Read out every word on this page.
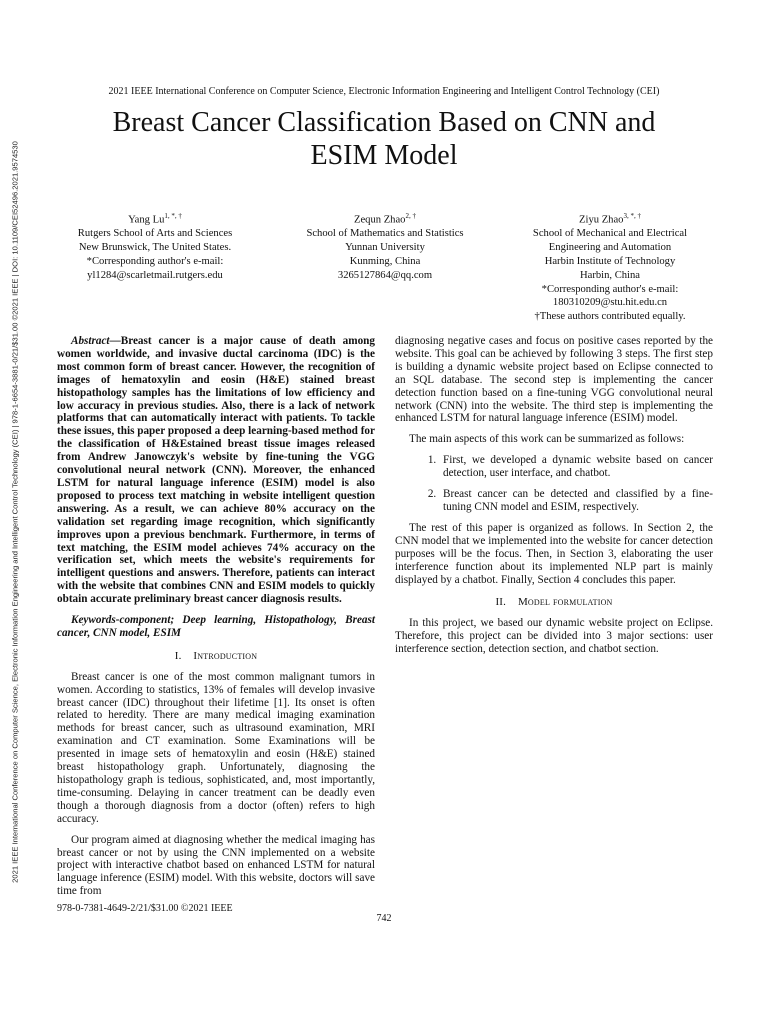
2021 IEEE International Conference on Computer Science, Electronic Information Engineering and Intelligent Control Technology (CEI) | 978-1-6654-3881-0/21/$31.00 ©2021 IEEE | DOI: 10.1109/CEI52496.2021.9574530
2021 IEEE International Conference on Computer Science, Electronic Information Engineering and Intelligent Control Technology (CEI)
Breast Cancer Classification Based on CNN and
ESIM Model
Yang $Lu^{1, *, \dagger}$
Rutgers School of Arts and Sciences
New Brunswick, The United States.
*Corresponding author's e-mail:
yl1284@scarletmail.rutgers.edu
Zequn Zhao$^{2, \dagger}$
School of Mathematics and Statistics
Yunnan University
Kunming, China
3265127864@qq.com
Ziyu Zhao$^{3, *, \dagger}$
School of Mechanical and Electrical
Engineering and Automation
Harbin Institute of Technology
Harbin, China
*Corresponding author's e-mail:
180310209@stu.hit.edu.cn
†These authors contributed equally.

Abstract—Breast cancer is a major cause of death among women worldwide, and invasive ductal carcinoma (IDC) is the most common form of breast cancer. However, the recognition of images of hematoxylin and eosin (H&E) stained breast histopathology samples has the limitations of low efficiency and low accuracy in previous studies. Also, there is a lack of network platforms that can automatically interact with patients. To tackle these issues, this paper proposed a deep learning-based method for the classification of H&Estained breast tissue images released from Andrew Janowczyk's website by fine-tuning the VGG convolutional neural network (CNN). Moreover, the enhanced LSTM for natural language inference (ESIM) model is also proposed to process text matching in website intelligent question answering. As a result, we can achieve 80% accuracy on the validation set regarding image recognition, which significantly improves upon a previous benchmark. Furthermore, in terms of text matching, the ESIM model achieves 74% accuracy on the verification set, which meets the website's requirements for intelligent questions and answers. Therefore, patients can interact with the website that combines CNN and ESIM models to quickly obtain accurate preliminary breast cancer diagnosis results.

Keywords-component; Deep learning, Histopathology, Breast cancer, CNN model, ESIM

I. Introduction

Breast cancer is one of the most common malignant tumors in women. According to statistics, 13% of females will develop invasive breast cancer (IDC) throughout their lifetime [1]. Its onset is often related to heredity. There are many medical imaging examination methods for breast cancer, such as ultrasound examination, MRI examination and CT examination. Some Examinations will be presented in image sets of hematoxylin and eosin (H&E) stained breast histopathology graph. Unfortunately, diagnosing the histopathology graph is tedious, sophisticated, and, most importantly, time-consuming. Delaying in cancer treatment can be deadly even though a thorough diagnosis from a doctor (often) refers to high accuracy.

Our program aimed at diagnosing whether the medical imaging has breast cancer or not by using the CNN implemented on a website project with interactive chatbot based on enhanced LSTM for natural language inference (ESIM) model. With this website, doctors will save time from

diagnosing negative cases and focus on positive cases reported by the website. This goal can be achieved by following 3 steps. The first step is building a dynamic website project based on Eclipse connected to an SQL database. The second step is implementing the cancer detection function based on a fine-tuning VGG convolutional neural network (CNN) into the website. The third step is implementing the enhanced LSTM for natural language inference (ESIM) model.

The main aspects of this work can be summarized as follows:

1. First, we developed a dynamic website based on cancer detection, user interface, and chatbot.
2. Breast cancer can be detected and classified by a fine-tuning CNN model and ESIM, respectively.

The rest of this paper is organized as follows. In Section 2, the CNN model that we implemented into the website for cancer detection purposes will be the focus. Then, in Section 3, elaborating the user interference function about its implemented NLP part is mainly displayed by a chatbot. Finally, Section 4 concludes this paper.

II. Model formulation

In this project, we based our dynamic website project on Eclipse. Therefore, this project can be divided into 3 major sections: user interference section, detection section, and chatbot section.

978-0-7381-4649-2/21/$31.00 ©2021 IEEE
742
